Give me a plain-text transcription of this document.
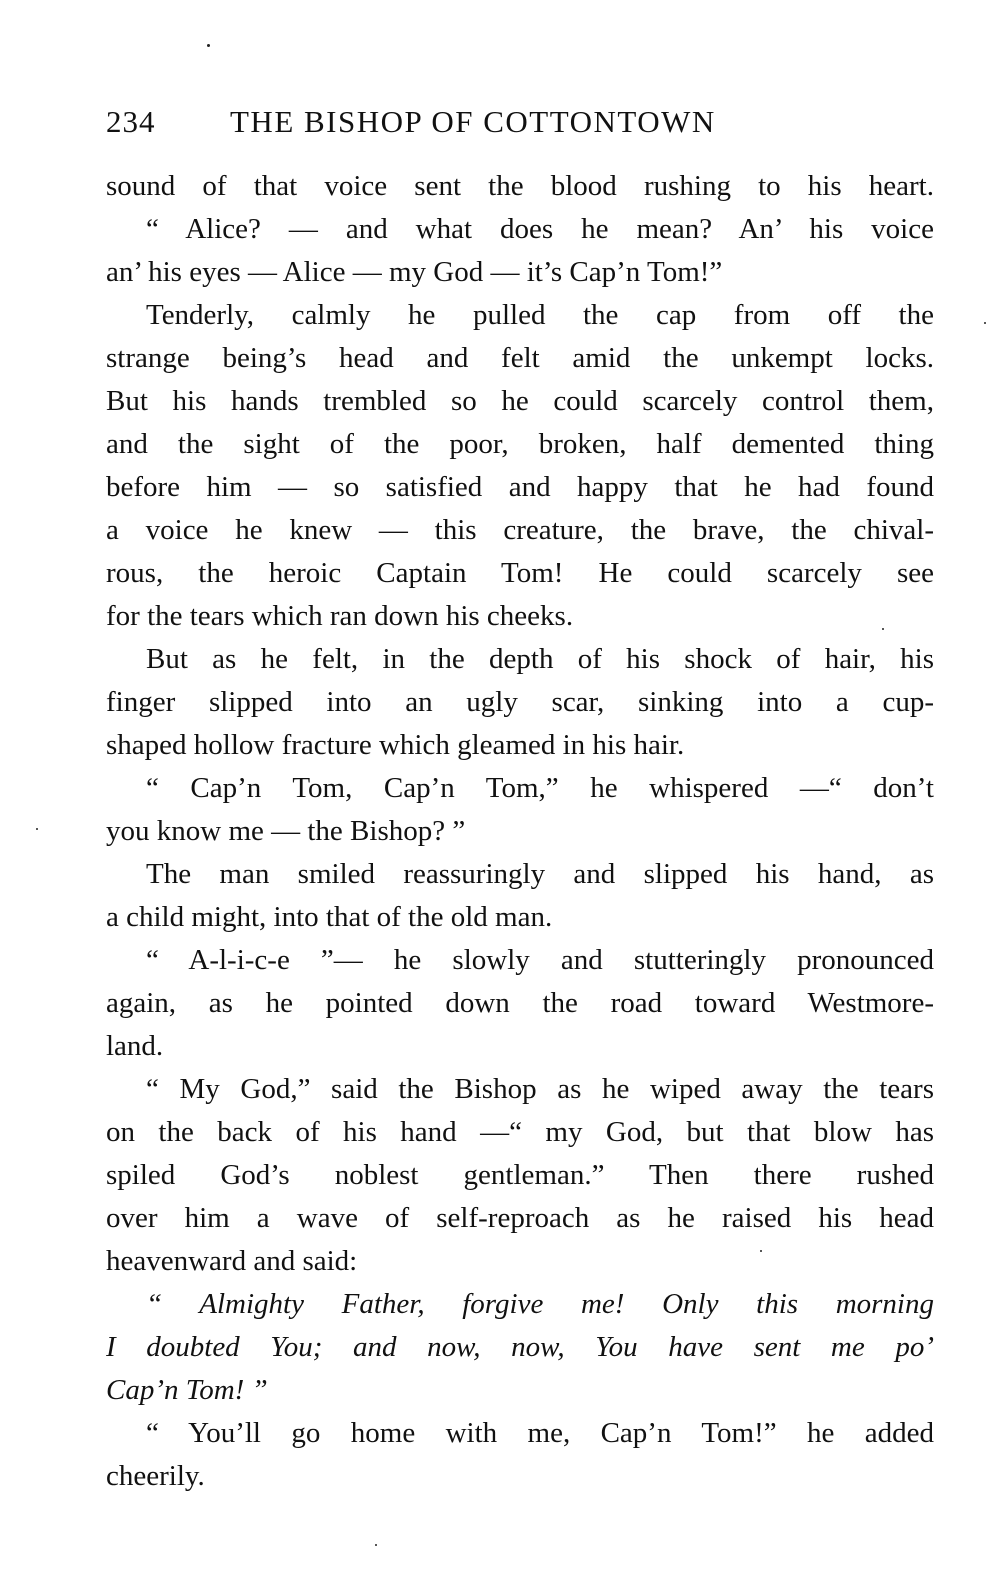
234 THE BISHOP OF COTTONTOWN
sound of that voice sent the blood rushing to his heart.
“ Alice? — and what does he mean? An’ his voice
an’ his eyes — Alice — my God — it’s Cap’n Tom!”
Tenderly, calmly he pulled the cap from off the
strange being’s head and felt amid the unkempt locks.
But his hands trembled so he could scarcely control them,
and the sight of the poor, broken, half demented thing
before him — so satisfied and happy that he had found
a voice he knew — this creature, the brave, the chival-
rous, the heroic Captain Tom! He could scarcely see
for the tears which ran down his cheeks.
But as he felt, in the depth of his shock of hair, his
finger slipped into an ugly scar, sinking into a cup-
shaped hollow fracture which gleamed in his hair.
“ Cap’n Tom, Cap’n Tom,” he whispered —“ don’t
you know me — the Bishop? ”
The man smiled reassuringly and slipped his hand, as
a child might, into that of the old man.
“ A-l-i-c-e ”— he slowly and stutteringly pronounced
again, as he pointed down the road toward Westmore-
land.
“ My God,” said the Bishop as he wiped away the tears
on the back of his hand —“ my God, but that blow has
spiled God’s noblest gentleman.” Then there rushed
over him a wave of self-reproach as he raised his head
heavenward and said:
“ Almighty Father, forgive me! Only this morning
I doubted You; and now, now, You have sent me po’
Cap’n Tom! ”
“ You’ll go home with me, Cap’n Tom!” he added
cheerily.
